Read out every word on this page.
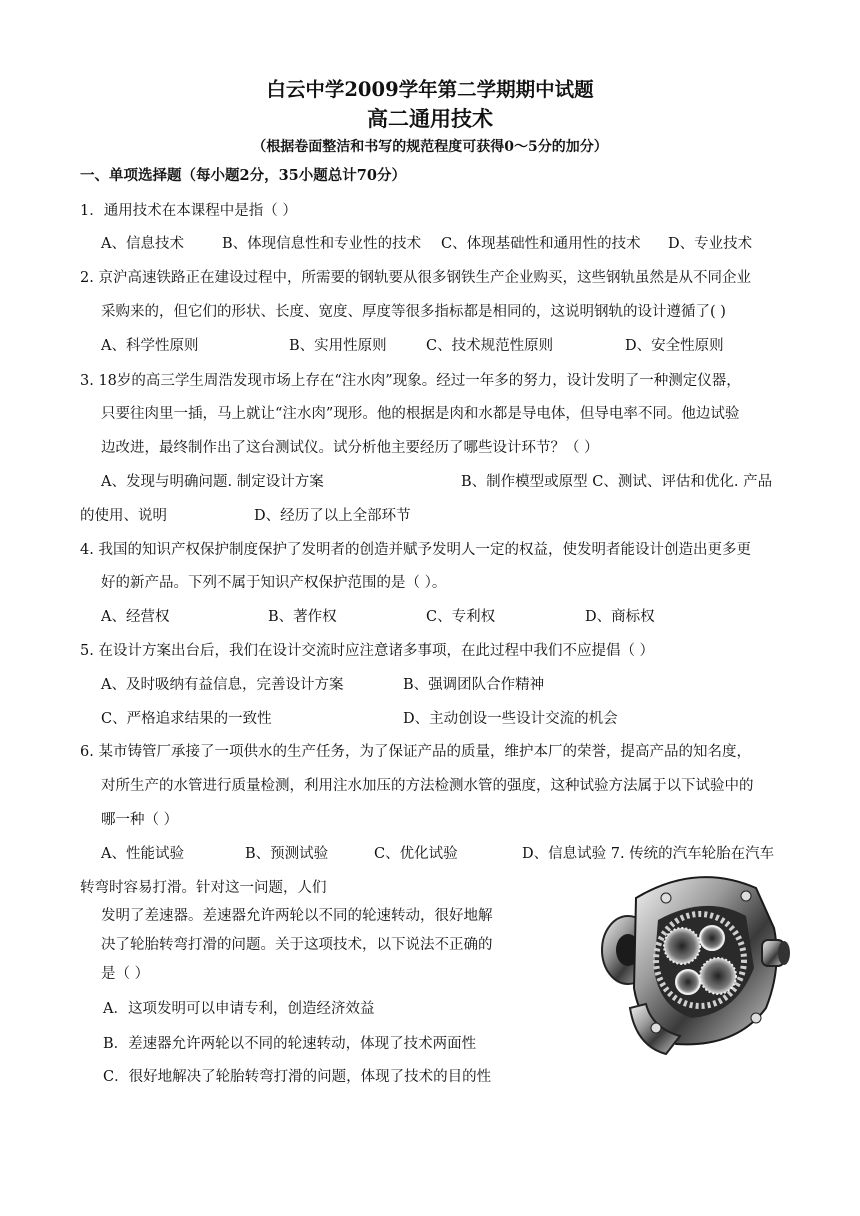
白云中学2009学年第二学期期中试题
高二通用技术
（根据卷面整洁和书写的规范程度可获得0～5分的加分）
一、单项选择题（每小题2分，35小题总计70分）
1．通用技术在本课程中是指（ ）
A、信息技术	B、体现信息性和专业性的技术 C、体现基础性和通用性的技术 D、专业技术
2. 京沪高速铁路正在建设过程中，所需要的钢轨要从很多钢铁生产企业购买，这些钢轨虽然是从不同企业
采购来的，但它们的形状、长度、宽度、厚度等很多指标都是相同的，这说明钢轨的设计遵循了( )
A、科学性原则	B、实用性原则	C、技术规范性原则	D、安全性原则
3. 18岁的高三学生周浩发现市场上存在“注水肉”现象。经过一年多的努力，设计发明了一种测定仪器，
只要往肉里一插，马上就让“注水肉”现形。他的根据是肉和水都是导电体，但导电率不同。他边试验
边改进，最终制作出了这台测试仪。试分析他主要经历了哪些设计环节？（ ）
A、发现与明确问题. 制定设计方案	B、制作模型或原型 C、测试、评估和优化. 产品
的使用、说明	D、经历了以上全部环节
4. 我国的知识产权保护制度保护了发明者的创造并赋予发明人一定的权益，使发明者能设计创造出更多更
好的新产品。下列不属于知识产权保护范围的是（ ）。
A、经营权	B、著作权	C、专利权	D、商标权
5. 在设计方案出台后，我们在设计交流时应注意诸多事项，在此过程中我们不应提倡（ ）
A、及时吸纳有益信息，完善设计方案	B、强调团队合作精神
C、严格追求结果的一致性	D、主动创设一些设计交流的机会
6. 某市铸管厂承接了一项供水的生产任务，为了保证产品的质量，维护本厂的荣誉，提高产品的知名度，
对所生产的水管进行质量检测，利用注水加压的方法检测水管的强度，这种试验方法属于以下试验中的
哪一种（ ）
A、性能试验	B、预测试验	C、优化试验	D、信息试验 7. 传统的汽车轮胎在汽车
转弯时容易打滑。针对这一问题，人们
发明了差速器。差速器允许两轮以不同的轮速转动，很好地解
决了轮胎转弯打滑的问题。关于这项技术，以下说法不正确的
是（ ）
A．这项发明可以申请专利，创造经济效益
B．差速器允许两轮以不同的轮速转动，体现了技术两面性
C．很好地解决了轮胎转弯打滑的问题，体现了技术的目的性
